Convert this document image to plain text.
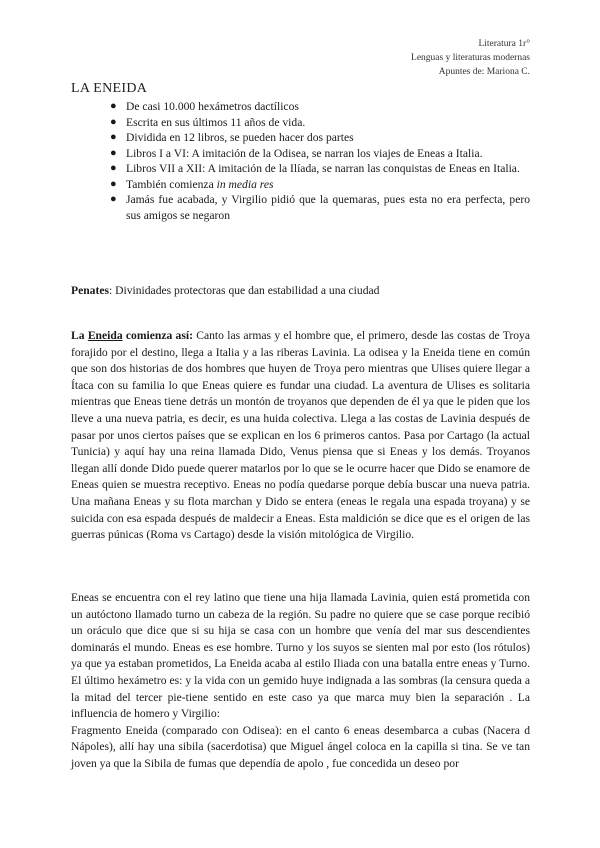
Literatura 1r°
Lenguas y literaturas modernas
Apuntes de: Mariona C.
LA ENEIDA
● De casi 10.000 hexámetros dactílicos
● Escrita en sus últimos 11 años de vida.
● Dividida en 12 libros, se pueden hacer dos partes
● Libros I a VI: A imitación de la Odisea, se narran los viajes de Eneas a Italia.
● Libros VII a XII: A imitación de la Ilíada, se narran las conquistas de Eneas en Italia.
● También comienza in media res
● Jamás fue acabada, y Virgilio pidió que la quemaras, pues esta no era perfecta, pero sus amigos se negaron
Penates: Divinidades protectoras que dan estabilidad a una ciudad

La Eneida comienza así: Canto las armas y el hombre que, el primero, desde las costas de Troya forajido por el destino, llega a Italia y a las riberas Lavinia. La odisea y la Eneida tiene en común que son dos historias de dos hombres que huyen de Troya pero mientras que Ulises quiere llegar a Ítaca con su familia lo que Eneas quiere es fundar una ciudad. La aventura de Ulises es solitaria mientras que Eneas tiene detrás un montón de troyanos que dependen de él ya que le piden que los lleve a una nueva patria, es decir, es una huida colectiva. Llega a las costas de Lavinia después de pasar por unos ciertos países que se explican en los 6 primeros cantos. Pasa por Cartago (la actual Tunicia) y aquí hay una reina llamada Dido, Venus piensa que si Eneas y los demás. Troyanos llegan allí donde Dido puede querer matarlos por lo que se le ocurre hacer que Dido se enamore de Eneas quien se muestra receptivo. Eneas no podía quedarse porque debía buscar una nueva patria. Una mañana Eneas y su flota marchan y Dido se entera (eneas le regala una espada troyana) y se suicida con esa espada después de maldecir a Eneas. Esta maldición se dice que es el origen de las guerras púnicas (Roma vs Cartago) desde la visión mitológica de Virgilio.

Eneas se encuentra con el rey latino que tiene una hija llamada Lavinia, quien está prometida con un autóctono llamado turno un cabeza de la región. Su padre no quiere que se case porque recibió un oráculo que dice que si su hija se casa con un hombre que venía del mar sus descendientes dominarás el mundo. Eneas es ese hombre. Turno y los suyos se sienten mal por esto (los rótulos) ya que ya estaban prometidos, La Eneida acaba al estilo Iliada con una batalla entre eneas y Turno. El último hexámetro es: y la vida con un gemido huye indignada a las sombras (la censura queda a la mitad del tercer pie-tiene sentido en este caso ya que marca muy bien la separación . La influencia de homero y Virgilio:
Fragmento Eneida (comparado con Odisea): en el canto 6 eneas desembarca a cubas (Nacera d Nápoles), allí hay una sibila (sacerdotisa) que Miguel ángel coloca en la capilla si tina. Se ve tan joven ya que la Sibila de fumas que dependía de apolo , fue concedida un deseo por
